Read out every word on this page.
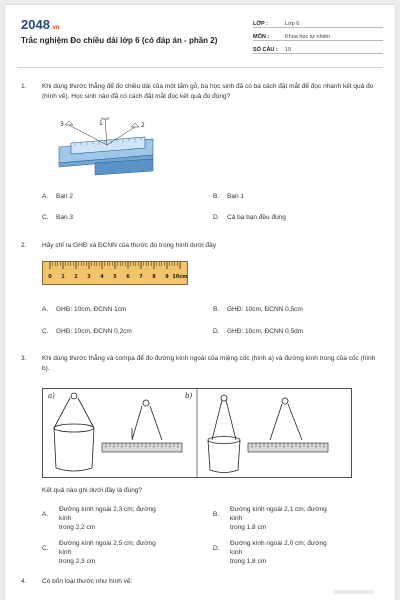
2048.vn
Trắc nghiệm Đo chiều dài lớp 6 (có đáp án - phần 2)
LỚP :	Lớp 6
MÔN :	Khoa học tự nhiên
SỐ CÂU :	19
1.	Khi dùng thước thẳng để đo chiều dài của một tấm gỗ, ba học sinh đã có ba cách đặt mắt để đọc nhanh kết quả đo (hình vẽ). Học sinh nào đã có cách đặt mắt đọc kết quả đo đúng?
3	1	2
A. Bạn 2	B. Bạn 1
C. Bạn 3	D. Cả ba bạn đều đúng
2.	Hãy chỉ ra GHĐ và ĐCNN của thước đo trong hình dưới đây
0 1 2 3 4 5 6 7 8 9 10cm
A. GHĐ: 10cm, ĐCNN 1cm	B. GHĐ: 10cm, ĐCNN 0,5cm
C. GHĐ: 10cm, ĐCNN 0,2cm	D. GHĐ: 10cm, ĐCNN 0,5dm
3.	Khi dùng thước thẳng và compa để đo đường kính ngoài của miệng cốc (hình a) và đường kính trong của cốc (hình b).
a)	b)
Kết quả nào ghi dưới đây là đúng?
A.
Đường kính ngoài 2,3 cm; đường kính
trong 2,2 cm
B.
Đường kính ngoài 2,1 cm; đường kính
trong 1,8 cm
C.
Đường kính ngoài 2,5 cm; đường kính
trong 2,3 cm
D.
Đường kính ngoài 2,0 cm; đường kính
trong 1,8 cm
4.	Có bốn loại thước như hình vẽ:
